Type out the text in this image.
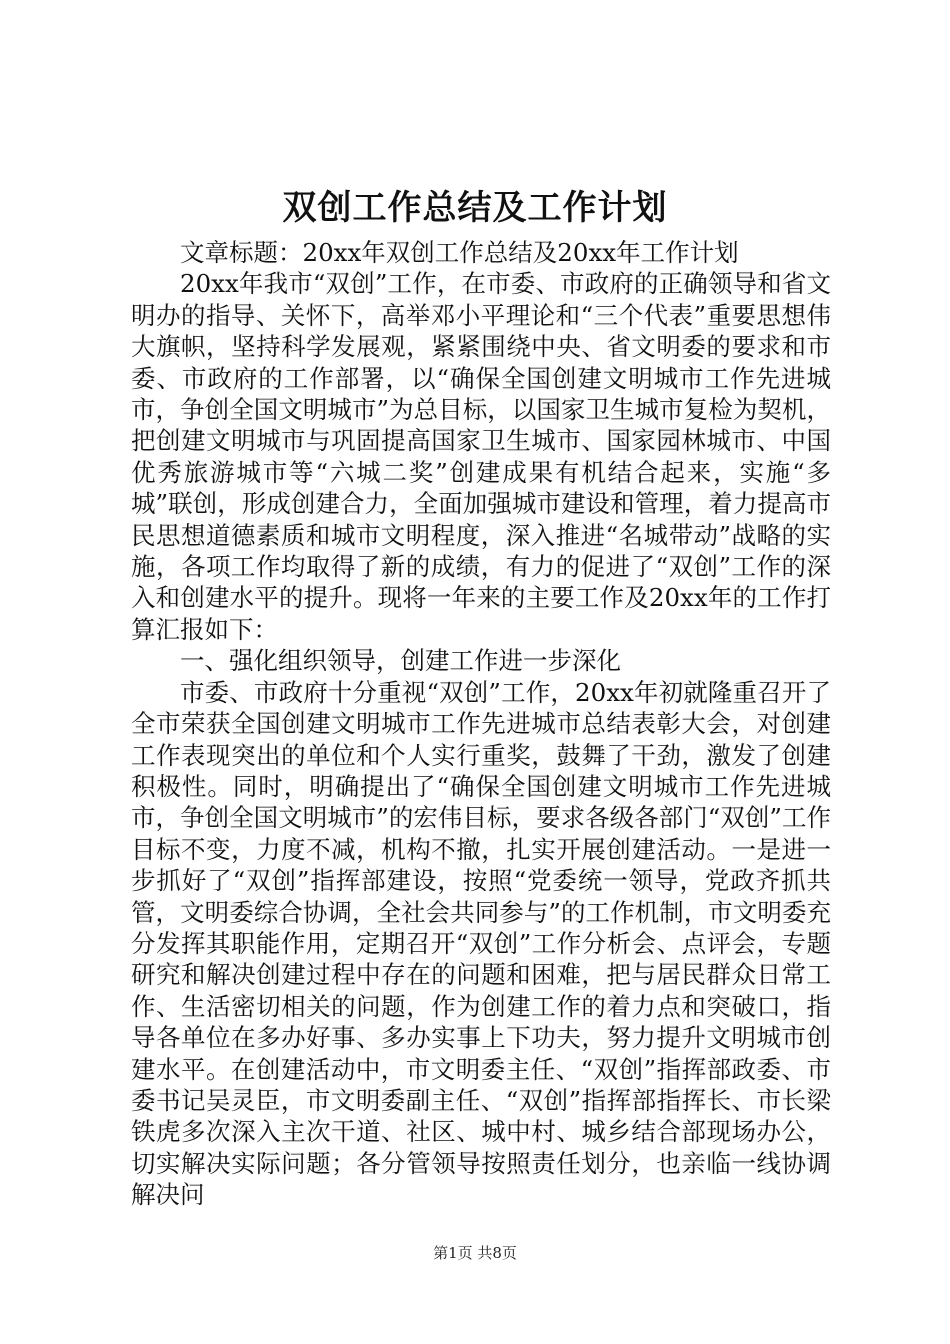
双创工作总结及工作计划

文章标题：20xx年双创工作总结及20xx年工作计划

20xx年我市“双创”工作，在市委、市政府的正确领导和省文明办的指导、关怀下，高举邓小平理论和“三个代表”重要思想伟大旗帜，坚持科学发展观，紧紧围绕中央、省文明委的要求和市委、市政府的工作部署，以“确保全国创建文明城市工作先进城市，争创全国文明城市”为总目标，以国家卫生城市复检为契机，把创建文明城市与巩固提高国家卫生城市、国家园林城市、中国优秀旅游城市等“六城二奖”创建成果有机结合起来，实施“多城”联创，形成创建合力，全面加强城市建设和管理，着力提高市民思想道德素质和城市文明程度，深入推进“名城带动”战略的实施，各项工作均取得了新的成绩，有力的促进了“双创”工作的深入和创建水平的提升。现将一年来的主要工作及20xx年的工作打算汇报如下：

一、强化组织领导，创建工作进一步深化

市委、市政府十分重视“双创”工作，20xx年初就隆重召开了全市荣获全国创建文明城市工作先进城市总结表彰大会，对创建工作表现突出的单位和个人实行重奖，鼓舞了干劲，激发了创建积极性。同时，明确提出了“确保全国创建文明城市工作先进城市，争创全国文明城市”的宏伟目标，要求各级各部门“双创”工作目标不变，力度不减，机构不撤，扎实开展创建活动。一是进一步抓好了“双创”指挥部建设，按照“党委统一领导，党政齐抓共管，文明委综合协调，全社会共同参与”的工作机制，市文明委充分发挥其职能作用，定期召开“双创”工作分析会、点评会，专题研究和解决创建过程中存在的问题和困难，把与居民群众日常工作、生活密切相关的问题，作为创建工作的着力点和突破口，指导各单位在多办好事、多办实事上下功夫，努力提升文明城市创建水平。在创建活动中，市文明委主任、“双创”指挥部政委、市委书记吴灵臣，市文明委副主任、“双创”指挥部指挥长、市长梁铁虎多次深入主次干道、社区、城中村、城乡结合部现场办公，切实解决实际问题；各分管领导按照责任划分，也亲临一线协调解决问

第1页 共8页
